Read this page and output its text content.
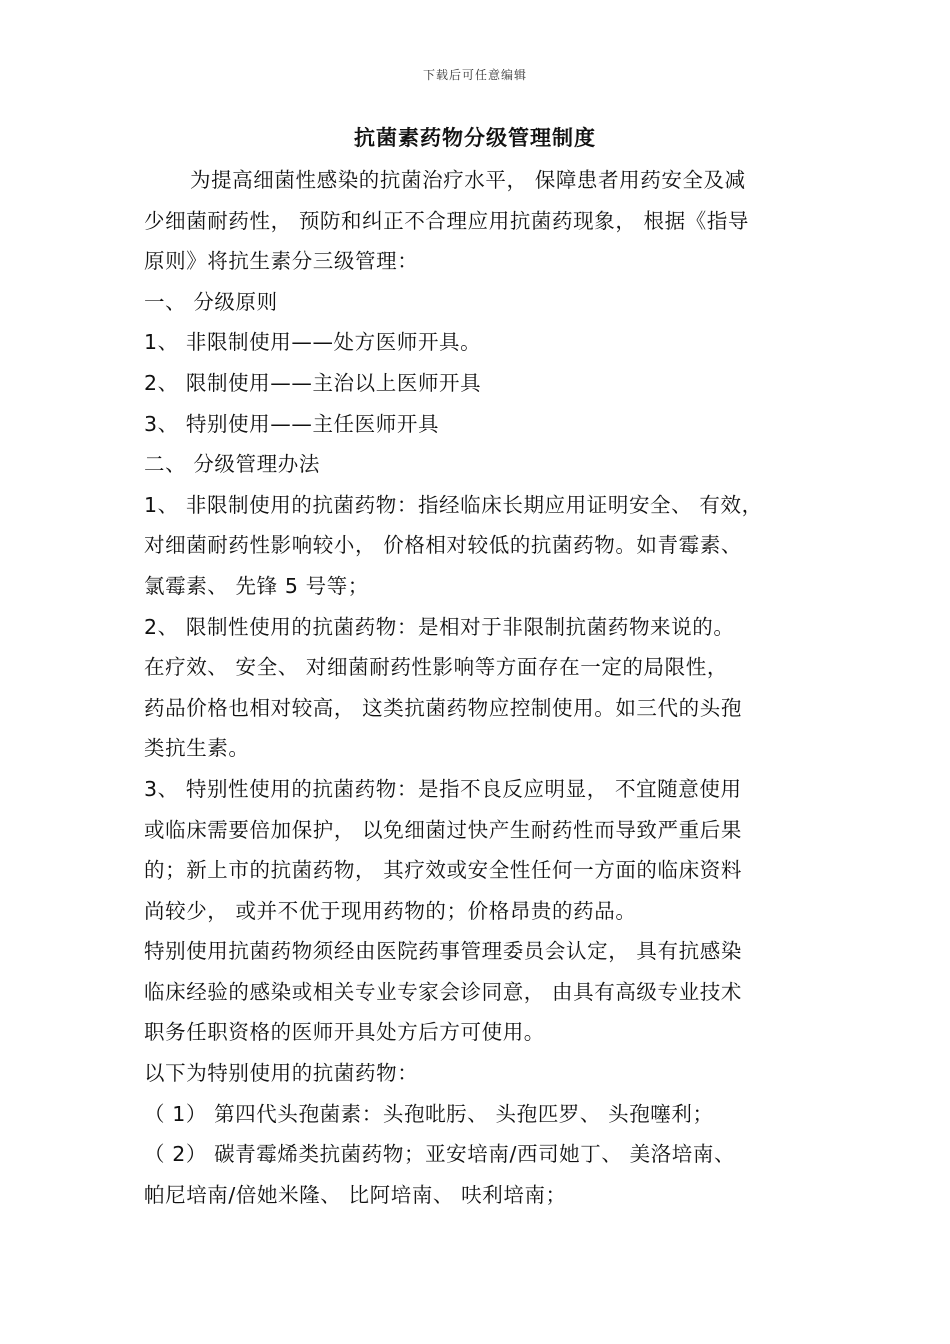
下载后可任意编辑
抗菌素药物分级管理制度

为提高细菌性感染的抗菌治疗水平， 保障患者用药安全及减

少细菌耐药性， 预防和纠正不合理应用抗菌药现象， 根据《指导
原则》将抗生素分三级管理：

一、 分级原则

1、 非限制使用——处方医师开具。
2、 限制使用——主治以上医师开具
3、 特别使用——主任医师开具

二、 分级管理办法

1、 非限制使用的抗菌药物：指经临床长期应用证明安全、 有效，
对细菌耐药性影响较小， 价格相对较低的抗菌药物。如青霉素、
氯霉素、 先锋 5 号等；

2、 限制性使用的抗菌药物：是相对于非限制抗菌药物来说的。
在疗效、 安全、 对细菌耐药性影响等方面存在一定的局限性，
药品价格也相对较高， 这类抗菌药物应控制使用。如三代的头孢
类抗生素。

3、 特别性使用的抗菌药物：是指不良反应明显， 不宜随意使用
或临床需要倍加保护， 以免细菌过快产生耐药性而导致严重后果
的；新上市的抗菌药物， 其疗效或安全性任何一方面的临床资料
尚较少， 或并不优于现用药物的；价格昂贵的药品。

特别使用抗菌药物须经由医院药事管理委员会认定， 具有抗感染
临床经验的感染或相关专业专家会诊同意， 由具有高级专业技术
职务任职资格的医师开具处方后方可使用。

以下为特别使用的抗菌药物：

（ 1） 第四代头孢菌素：头孢吡肟、 头孢匹罗、 头孢噻利；
（ 2） 碳青霉烯类抗菌药物；亚安培南/西司她丁、 美洛培南、
帕尼培南/倍她米隆、 比阿培南、 呋利培南；
